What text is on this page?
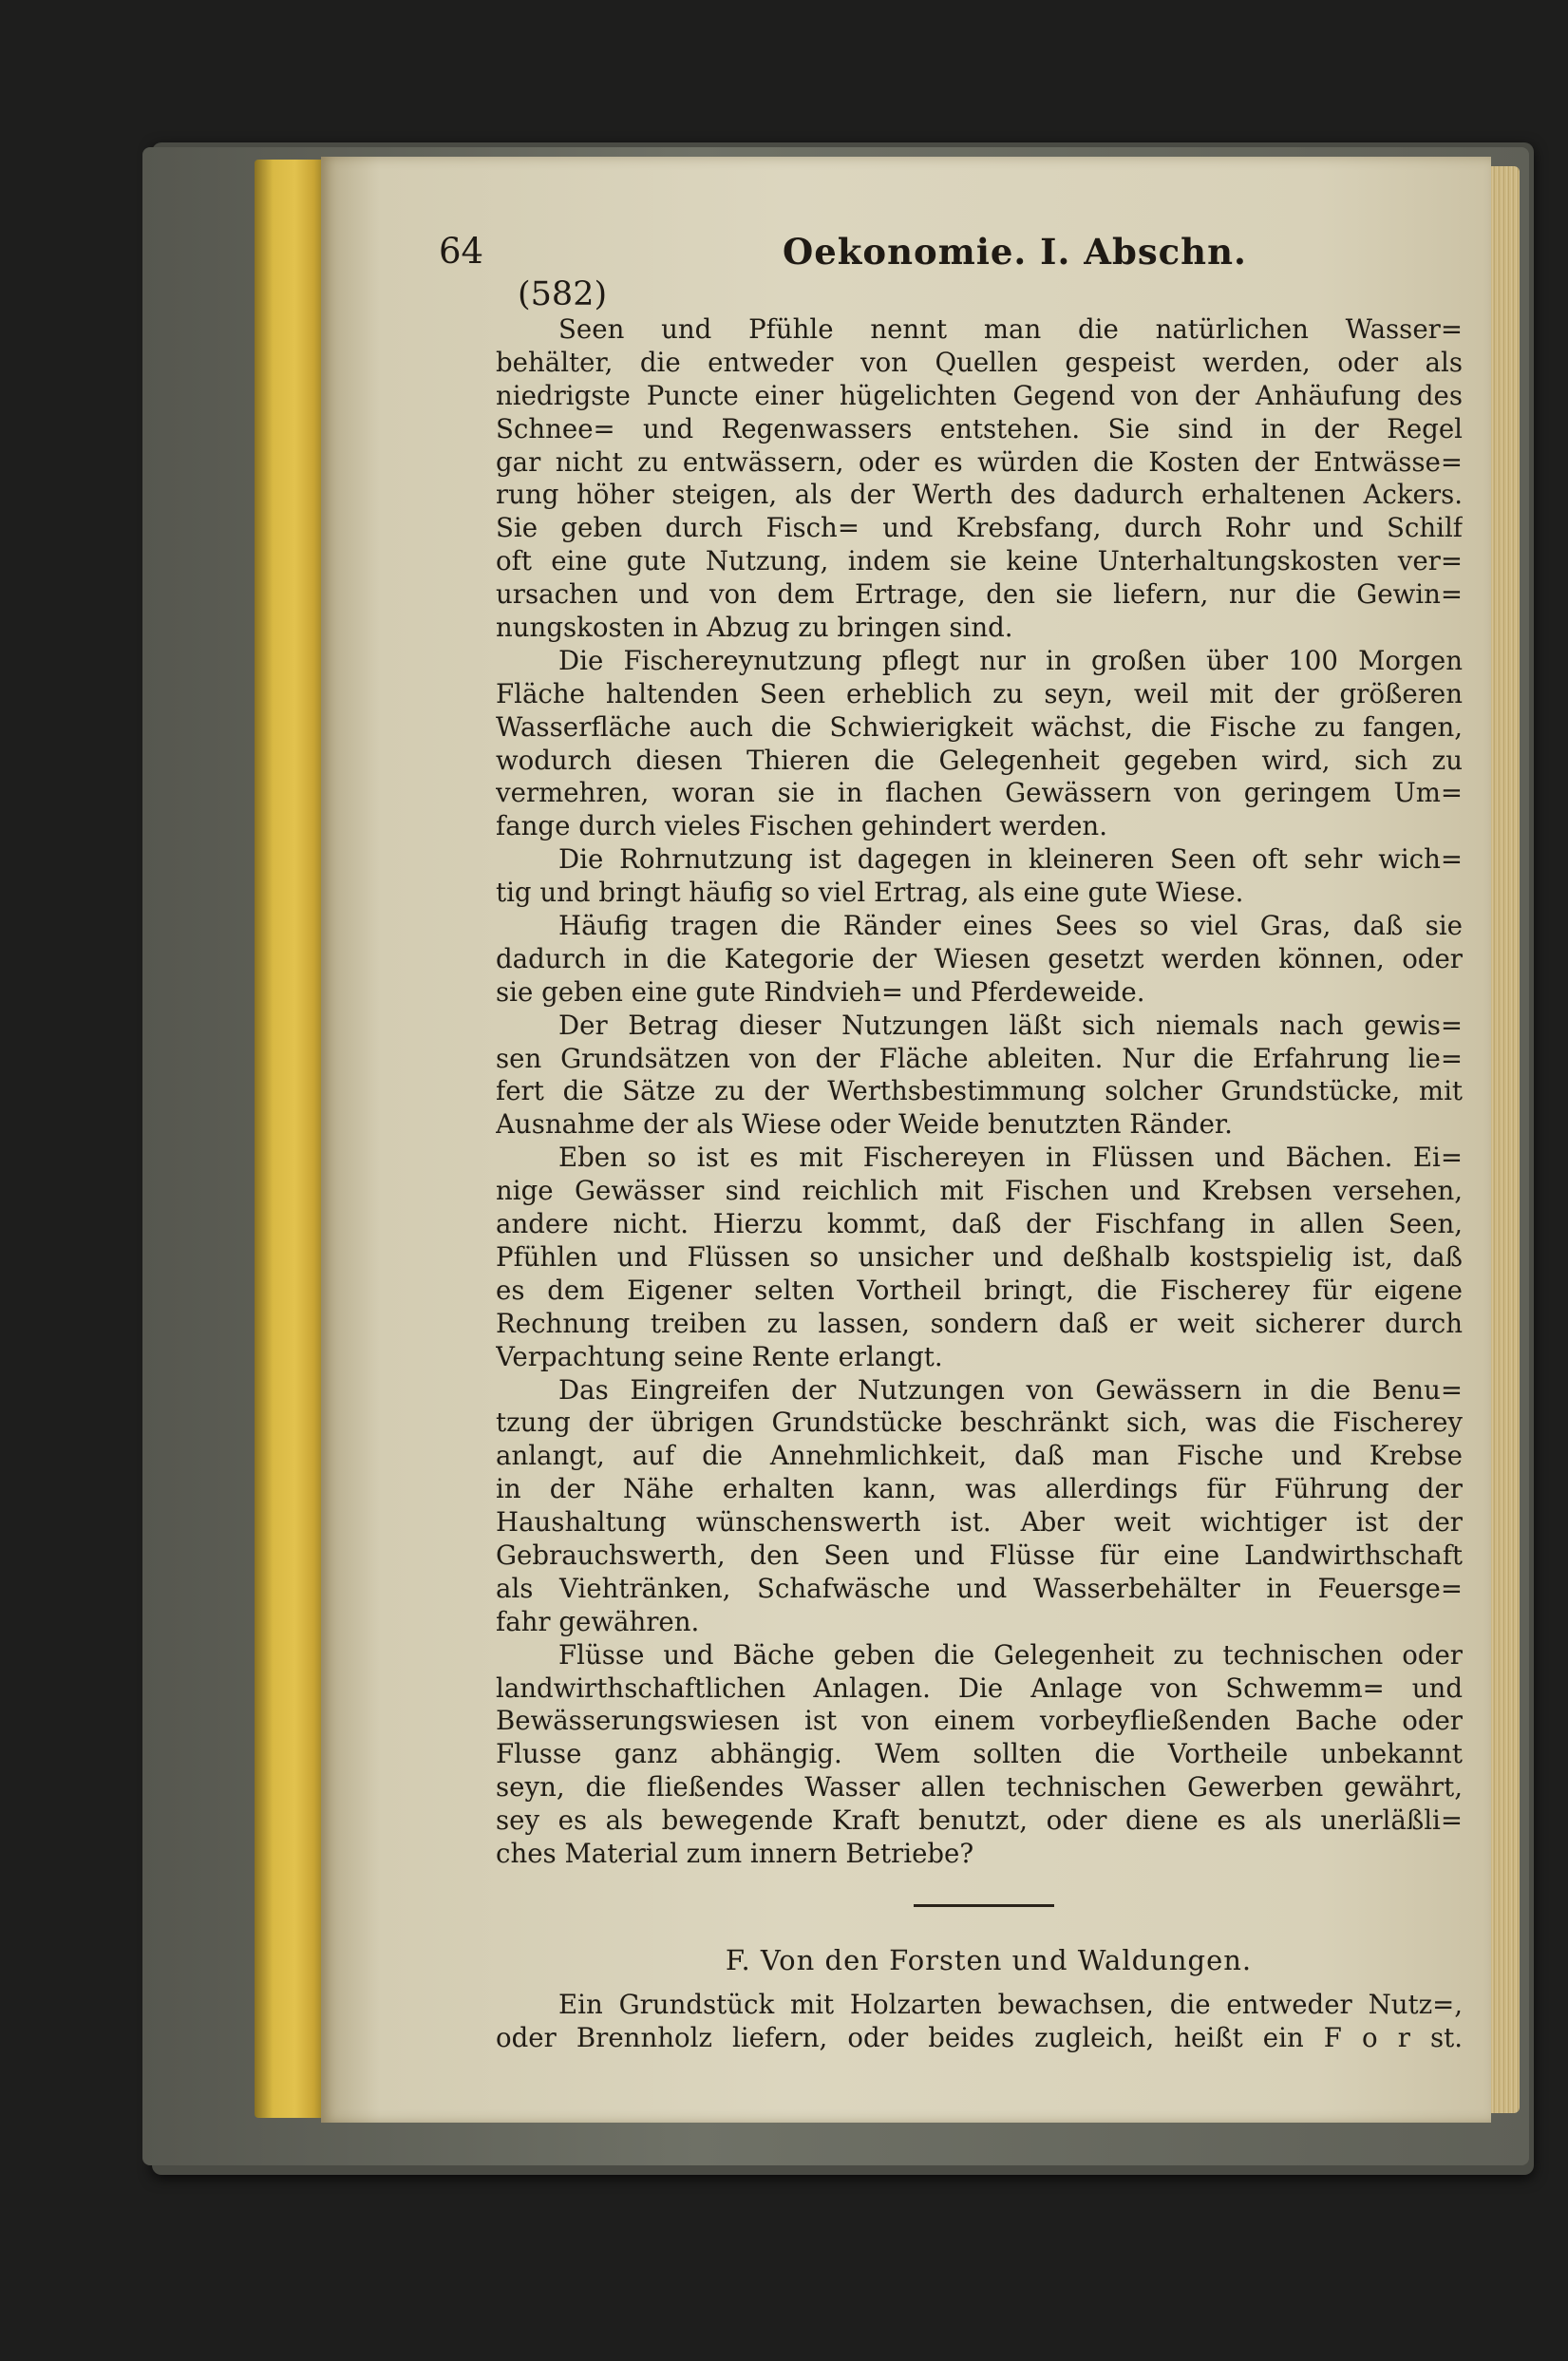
64	Oekonomie. I. Abschn.
(582)
Seen und Pfühle nennt man die natürlichen Wasser=
behälter, die entweder von Quellen gespeist werden, oder als
niedrigste Puncte einer hügelichten Gegend von der Anhäufung des
Schnee= und Regenwassers entstehen. Sie sind in der Regel
gar nicht zu entwässern, oder es würden die Kosten der Entwässe=
rung höher steigen, als der Werth des dadurch erhaltenen Ackers.
Sie geben durch Fisch= und Krebsfang, durch Rohr und Schilf
oft eine gute Nutzung, indem sie keine Unterhaltungskosten ver=
ursachen und von dem Ertrage, den sie liefern, nur die Gewin=
nungskosten in Abzug zu bringen sind.
Die Fischereynutzung pflegt nur in großen über 100 Morgen
Fläche haltenden Seen erheblich zu seyn, weil mit der größeren
Wasserfläche auch die Schwierigkeit wächst, die Fische zu fangen,
wodurch diesen Thieren die Gelegenheit gegeben wird, sich zu
vermehren, woran sie in flachen Gewässern von geringem Um=
fange durch vieles Fischen gehindert werden.
Die Rohrnutzung ist dagegen in kleineren Seen oft sehr wich=
tig und bringt häufig so viel Ertrag, als eine gute Wiese.
Häufig tragen die Ränder eines Sees so viel Gras, daß sie
dadurch in die Kategorie der Wiesen gesetzt werden können, oder
sie geben eine gute Rindvieh= und Pferdeweide.
Der Betrag dieser Nutzungen läßt sich niemals nach gewis=
sen Grundsätzen von der Fläche ableiten. Nur die Erfahrung lie=
fert die Sätze zu der Werthsbestimmung solcher Grundstücke, mit
Ausnahme der als Wiese oder Weide benutzten Ränder.
Eben so ist es mit Fischereyen in Flüssen und Bächen. Ei=
nige Gewässer sind reichlich mit Fischen und Krebsen versehen,
andere nicht. Hierzu kommt, daß der Fischfang in allen Seen,
Pfühlen und Flüssen so unsicher und deßhalb kostspielig ist, daß
es dem Eigener selten Vortheil bringt, die Fischerey für eigene
Rechnung treiben zu lassen, sondern daß er weit sicherer durch
Verpachtung seine Rente erlangt.
Das Eingreifen der Nutzungen von Gewässern in die Benu=
tzung der übrigen Grundstücke beschränkt sich, was die Fischerey
anlangt, auf die Annehmlichkeit, daß man Fische und Krebse
in der Nähe erhalten kann, was allerdings für Führung der
Haushaltung wünschenswerth ist. Aber weit wichtiger ist der
Gebrauchswerth, den Seen und Flüsse für eine Landwirthschaft
als Viehtränken, Schafwäsche und Wasserbehälter in Feuersge=
fahr gewähren.
Flüsse und Bäche geben die Gelegenheit zu technischen oder
landwirthschaftlichen Anlagen. Die Anlage von Schwemm= und
Bewässerungswiesen ist von einem vorbeyfließenden Bache oder
Flusse ganz abhängig. Wem sollten die Vortheile unbekannt
seyn, die fließendes Wasser allen technischen Gewerben gewährt,
sey es als bewegende Kraft benutzt, oder diene es als unerläßli=
ches Material zum innern Betriebe?
F. Von den Forsten und Waldungen.
Ein Grundstück mit Holzarten bewachsen, die entweder Nutz=,
oder Brennholz liefern, oder beides zugleich, heißt ein F o r st.
